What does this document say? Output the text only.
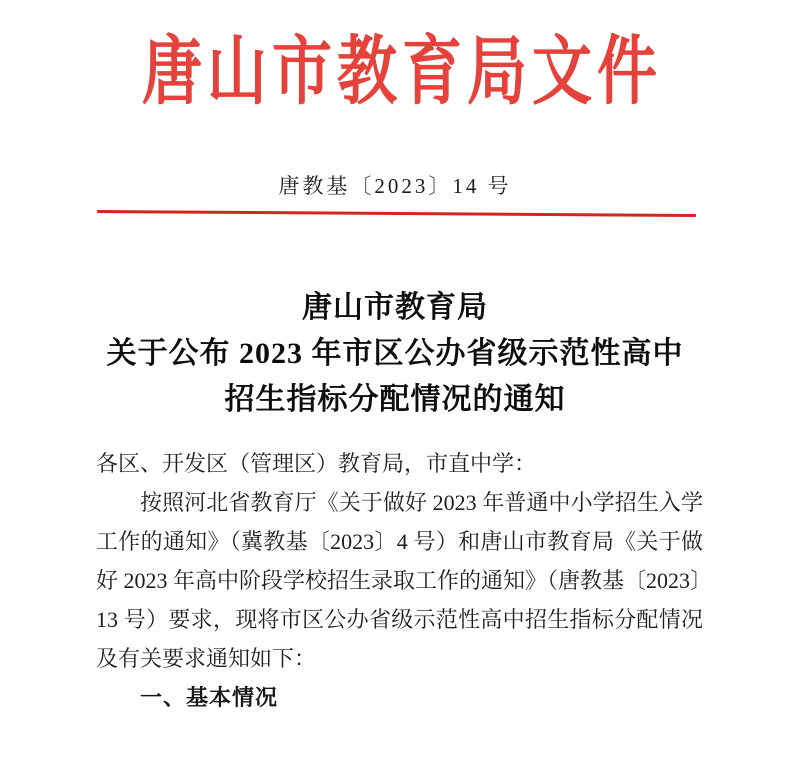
唐山市教育局文件
唐教基〔2023〕14 号
唐山市教育局
关于公布 2023 年市区公办省级示范性高中
招生指标分配情况的通知
各区、开发区（管理区）教育局，市直中学：
按照河北省教育厅《关于做好 2023 年普通中小学招生入学
工作的通知》（冀教基〔2023〕4 号）和唐山市教育局《关于做
好 2023 年高中阶段学校招生录取工作的通知》（唐教基〔2023〕
13 号）要求，现将市区公办省级示范性高中招生指标分配情况
及有关要求通知如下：
一、基本情况
